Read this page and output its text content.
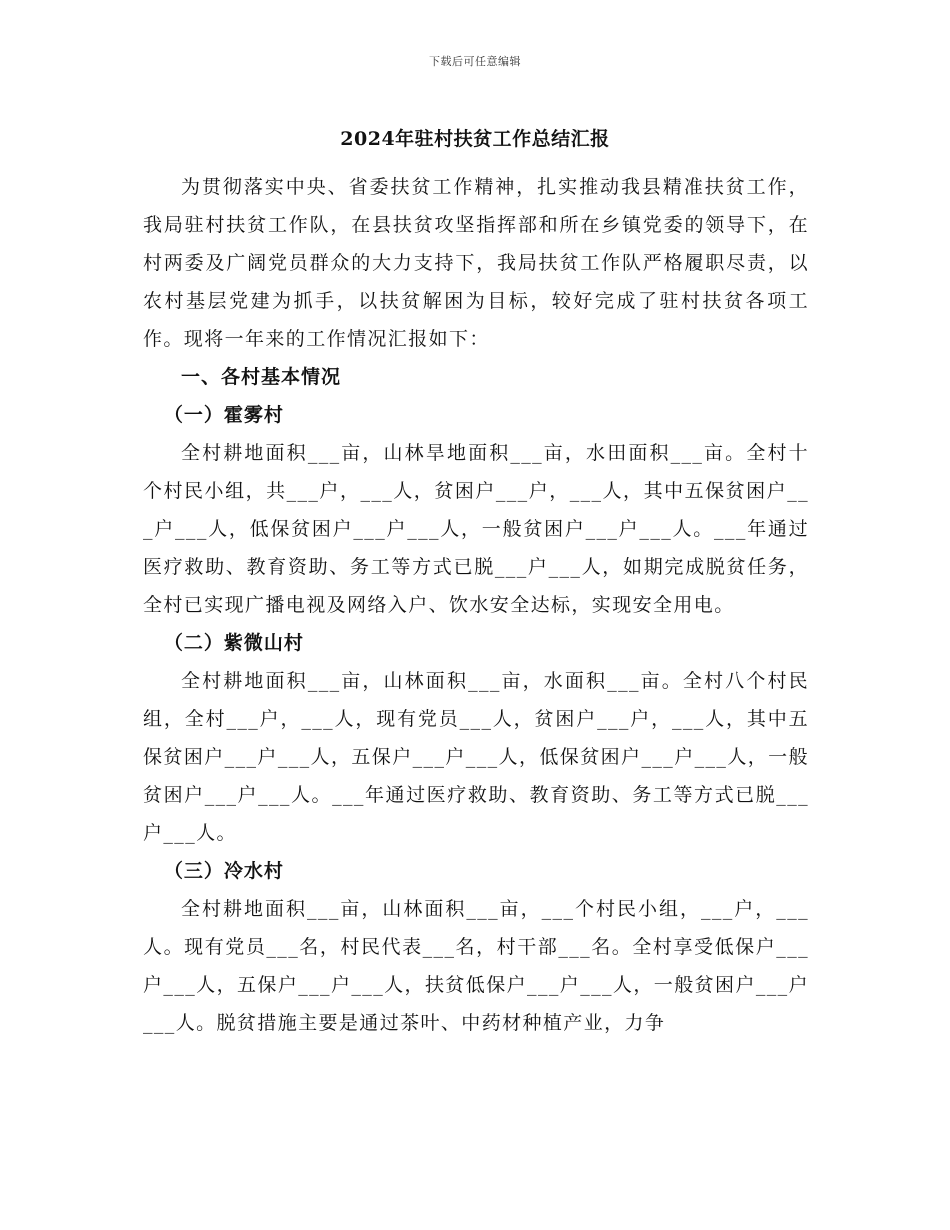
下载后可任意编辑
2024年驻村扶贫工作总结汇报

为贯彻落实中央、省委扶贫工作精神，扎实推动我县精准扶贫工作，我局驻村扶贫工作队，在县扶贫攻坚指挥部和所在乡镇党委的领导下，在村两委及广阔党员群众的大力支持下，我局扶贫工作队严格履职尽责，以农村基层党建为抓手，以扶贫解困为目标，较好完成了驻村扶贫各项工作。现将一年来的工作情况汇报如下：

一、各村基本情况

（一）霍雾村

全村耕地面积___亩，山林旱地面积___亩，水田面积___亩。全村十个村民小组，共___户，___人，贫困户___户，___人，其中五保贫困户___户___人，低保贫困户___户___人，一般贫困户___户___人。___年通过医疗救助、教育资助、务工等方式已脱___户___人，如期完成脱贫任务，全村已实现广播电视及网络入户、饮水安全达标，实现安全用电。

（二）紫微山村

全村耕地面积___亩，山林面积___亩，水面积___亩。全村八个村民组，全村___户，___人，现有党员___人，贫困户___户，___人，其中五保贫困户___户___人，五保户___户___人，低保贫困户___户___人，一般贫困户___户___人。___年通过医疗救助、教育资助、务工等方式已脱___户___人。

（三）冷水村

全村耕地面积___亩，山林面积___亩，___个村民小组，___户，___人。现有党员___名，村民代表___名，村干部___名。全村享受低保户___户___人，五保户___户___人，扶贫低保户___户___人，一般贫困户___户___人。脱贫措施主要是通过茶叶、中药材种植产业，力争
